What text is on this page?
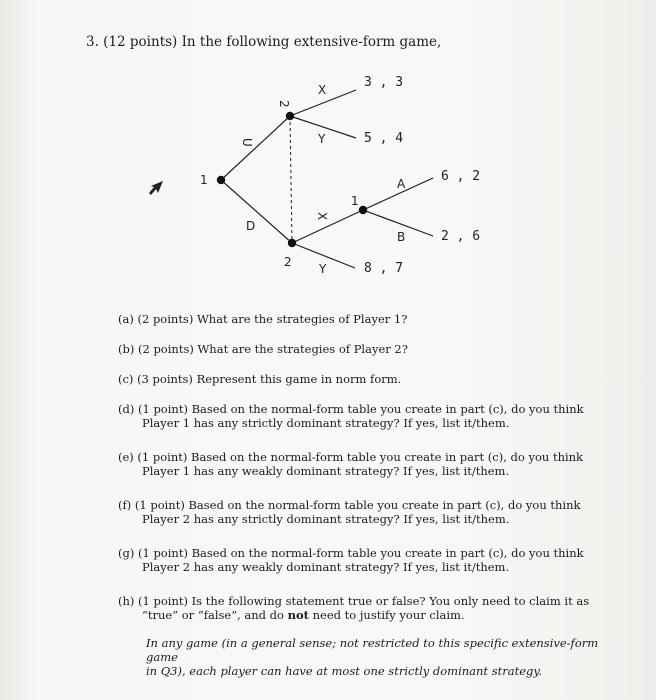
3. (12 points) In the following extensive-form game,
1
2
2
1
U
D
X
Y
X
Y
A
B
3 , 3
5 , 4
6 , 2
2 , 6
8 , 7

(a) (2 points) What are the strategies of Player 1?

(b) (2 points) What are the strategies of Player 2?

(c) (3 points) Represent this game in norm form.

(d) (1 point) Based on the normal-form table you create in part (c), do you think
Player 1 has any strictly dominant strategy? If yes, list it/them.

(e) (1 point) Based on the normal-form table you create in part (c), do you think
Player 1 has any weakly dominant strategy? If yes, list it/them.

(f) (1 point) Based on the normal-form table you create in part (c), do you think
Player 2 has any strictly dominant strategy? If yes, list it/them.

(g) (1 point) Based on the normal-form table you create in part (c), do you think
Player 2 has any weakly dominant strategy? If yes, list it/them.

(h) (1 point) Is the following statement true or false? You only need to claim it as
“true” or “false”, and do not need to justify your claim.

In any game (in a general sense; not restricted to this specific extensive-form game
in Q3), each player can have at most one strictly dominant strategy.
